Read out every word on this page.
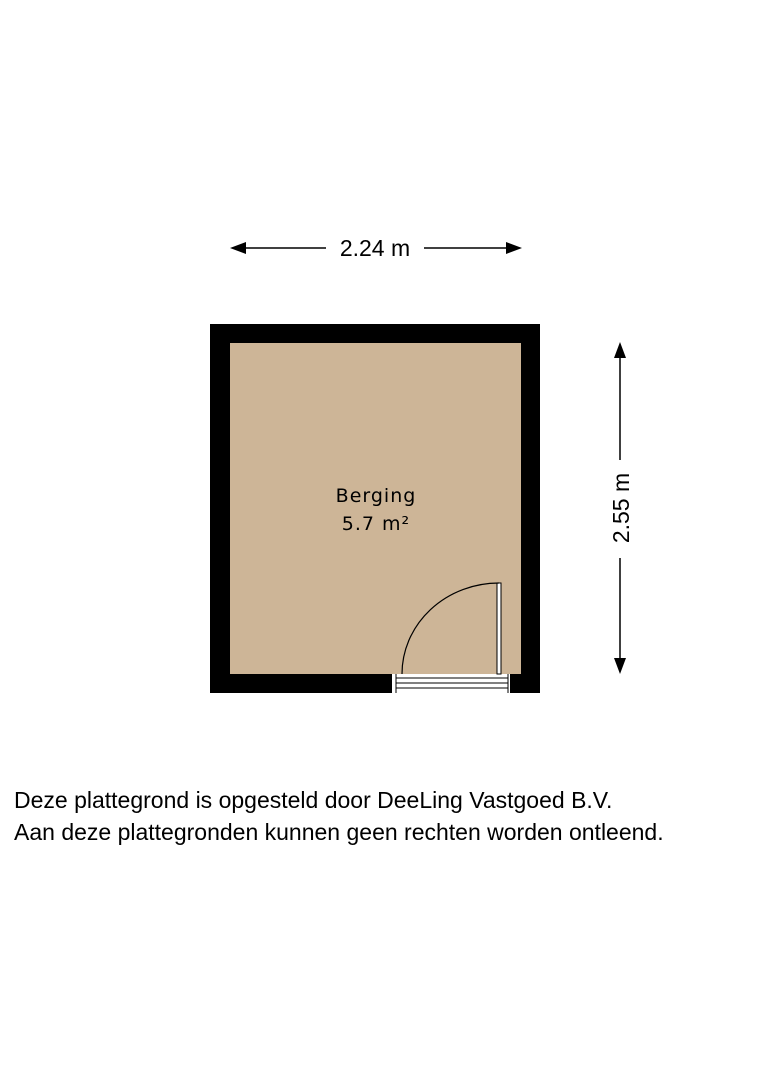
2.24 m
2.55 m
Berging
5.7 m²
Deze plattegrond is opgesteld door DeeLing Vastgoed B.V.
Aan deze plattegronden kunnen geen rechten worden ontleend.
